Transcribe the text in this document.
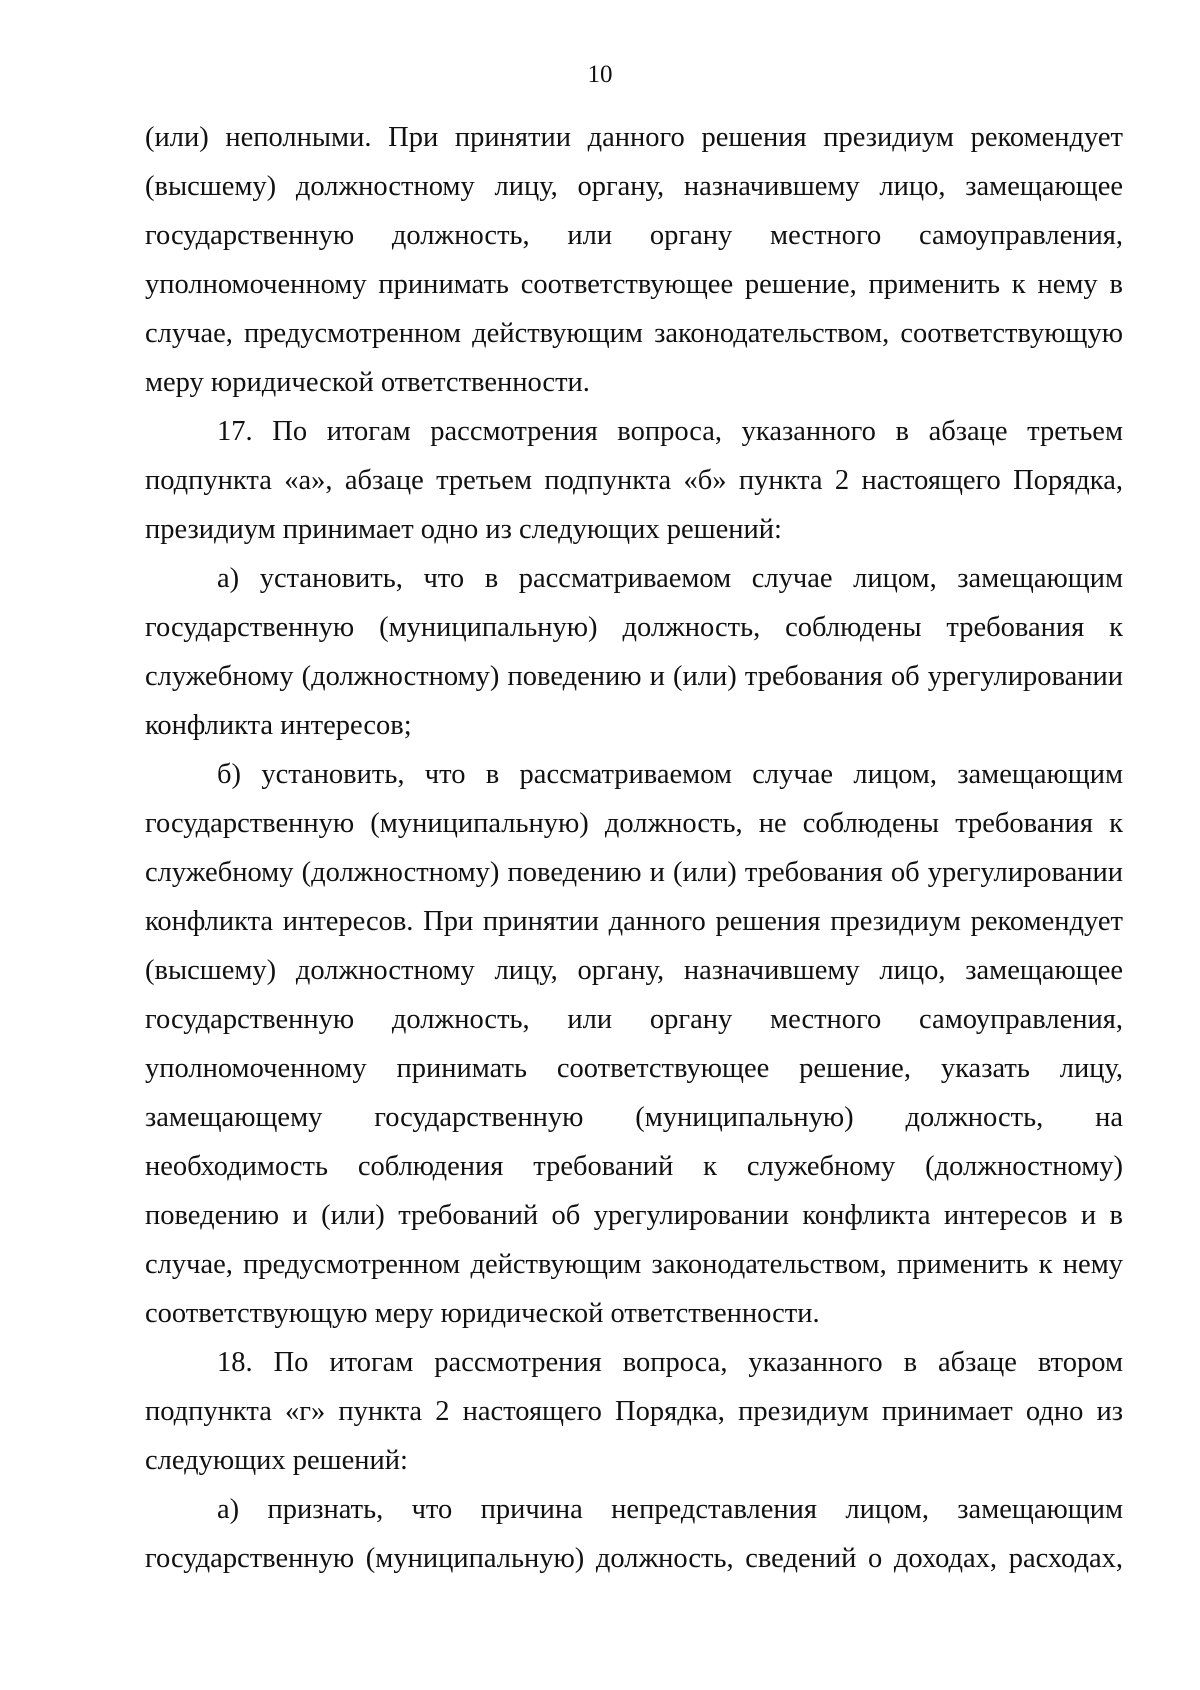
10

(или) неполными. При принятии данного решения президиум рекомендует
(высшему) должностному лицу, органу, назначившему лицо, замещающее
государственную должность, или органу местного самоуправления,
уполномоченному принимать соответствующее решение, применить к нему в
случае, предусмотренном действующим законодательством, соответствующую
меру юридической ответственности.

17. По итогам рассмотрения вопроса, указанного в абзаце третьем
подпункта «а», абзаце третьем подпункта «б» пункта 2 настоящего Порядка,
президиум принимает одно из следующих решений:

а) установить, что в рассматриваемом случае лицом, замещающим
государственную (муниципальную) должность, соблюдены требования к
служебному (должностному) поведению и (или) требования об урегулировании
конфликта интересов;

б) установить, что в рассматриваемом случае лицом, замещающим
государственную (муниципальную) должность, не соблюдены требования к
служебному (должностному) поведению и (или) требования об урегулировании
конфликта интересов. При принятии данного решения президиум рекомендует
(высшему) должностному лицу, органу, назначившему лицо, замещающее
государственную должность, или органу местного самоуправления,
уполномоченному принимать соответствующее решение, указать лицу,
замещающему государственную (муниципальную) должность, на
необходимость соблюдения требований к служебному (должностному)
поведению и (или) требований об урегулировании конфликта интересов и в
случае, предусмотренном действующим законодательством, применить к нему
соответствующую меру юридической ответственности.

18. По итогам рассмотрения вопроса, указанного в абзаце втором
подпункта «г» пункта 2 настоящего Порядка, президиум принимает одно из
следующих решений:

а) признать, что причина непредставления лицом, замещающим
государственную (муниципальную) должность, сведений о доходах, расходах,
